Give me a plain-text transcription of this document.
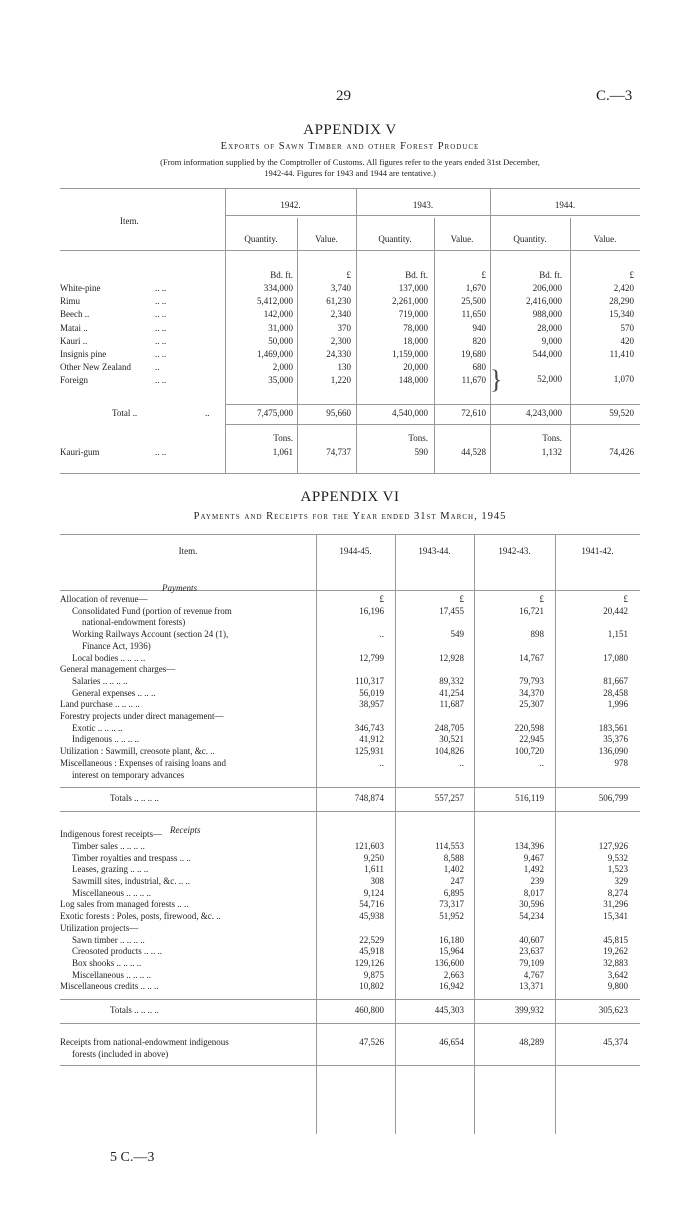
29	C.—3
APPENDIX V
Exports of Sawn Timber and other Forest Produce
(From information supplied by the Comptroller of Customs. All figures refer to the years ended 31st December,
1942-44. Figures for 1943 and 1944 are tentative.)
Item.
1942.	1943.	1944.
Quantity.	Value.	Quantity.	Value.	Quantity.	Value.
Bd. ft.	£	Bd. ft.	£	Bd. ft.	£
White-pine	.. ..	334,000	3,740	137,000	1,670	206,000	2,420
Rimu	.. ..	5,412,000	61,230	2,261,000	25,500	2,416,000	28,290
Beech ..	.. ..	142,000	2,340	719,000	11,650	988,000	15,340
Matai ..	.. ..	31,000	370	78,000	940	28,000	570
Kauri ..	.. ..	50,000	2,300	18,000	820	9,000	420
Insignis pine	.. ..	1,469,000	24,330	1,159,000	19,680	544,000	11,410
Other New Zealand	..	2,000	130	20,000	680
Foreign	.. ..	35,000	1,220	148,000	11,670 }	52,000	1,070
Total ..	..	7,475,000	95,660	4,540,000	72,610	4,243,000	59,520
Tons.	Tons.	Tons.
Kauri-gum	.. ..	1,061	74,737	590	44,528	1,132	74,426
APPENDIX VI
Payments and Receipts for the Year ended 31st March, 1945
Item.	1944-45.	1943-44.	1942-43.	1941-42.
Payments
£	£	£	£
Allocation of revenue—
Consolidated Fund (portion of revenue from	16,196	17,455	16,721	20,442
national-endowment forests)
Working Railways Account (section 24 (1),	..	549	898	1,151
Finance Act, 1936)
Local bodies .. .. .. ..	12,799	12,928	14,767	17,080
General management charges—
Salaries .. .. .. ..	110,317	89,332	79,793	81,667
General expenses .. .. ..	56,019	41,254	34,370	28,458
Land purchase .. .. .. ..	38,957	11,687	25,307	1,996
Forestry projects under direct management—
Exotic .. .. .. ..	346,743	248,705	220,598	183,561
Indigenous .. .. .. ..	41,912	30,521	22,945	35,376
Utilization : Sawmill, creosote plant, &c. ..	125,931	104,826	100,720	136,090
Miscellaneous : Expenses of raising loans and	..	..	..	978
interest on temporary advances
Totals .. .. .. ..	748,874	557,257	516,119	506,799
Indigenous forest receipts—
Timber sales .. .. .. ..	121,603	114,553	134,396	127,926
Timber royalties and trespass .. ..	9,250	8,588	9,467	9,532
Leases, grazing .. .. ..	1,611	1,402	1,492	1,523
Sawmill sites, industrial, &c. .. ..	308	247	239	329
Miscellaneous .. .. .. ..	9,124	6,895	8,017	8,274
Log sales from managed forests .. ..	54,716	73,317	30,596	31,296
Exotic forests : Poles, posts, firewood, &c. ..	45,938	51,952	54,234	15,341
Utilization projects—
Sawn timber .. .. .. ..	22,529	16,180	40,607	45,815
Creosoted products .. .. ..	45,918	15,964	23,637	19,262
Box shooks .. .. .. ..	129,126	136,600	79,109	32,883
Miscellaneous .. .. .. ..	9,875	2,663	4,767	3,642
Miscellaneous credits .. .. ..	10,802	16,942	13,371	9,800
Totals .. .. .. ..	460,800	445,303	399,932	305,623
Receipts from national-endowment indigenous
forests (included in above)
47,526	46,654	48,289	45,374
Receipts
5 C.—3
